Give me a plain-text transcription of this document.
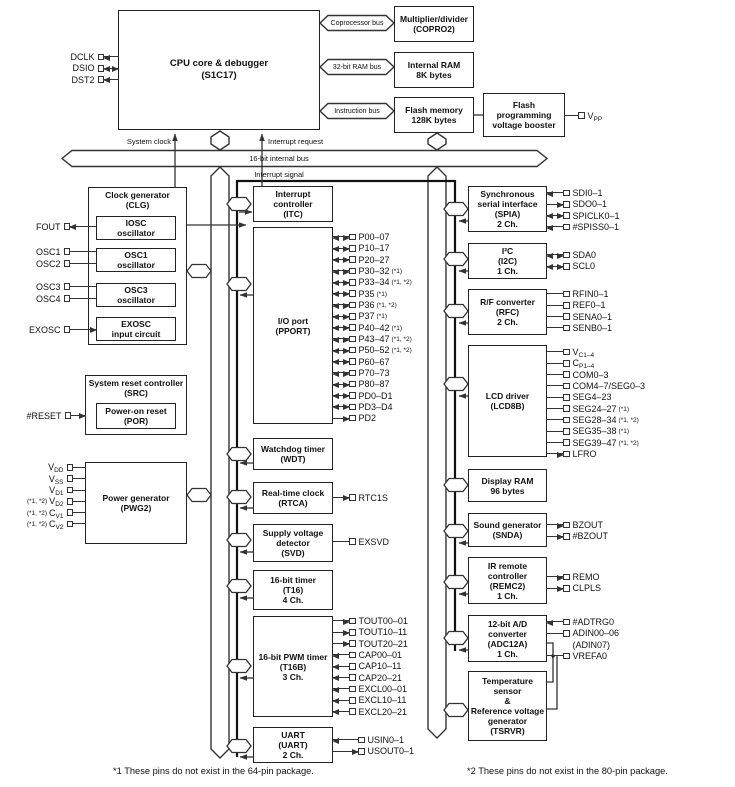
System clock	Interrupt request
16-bit internal bus
Interrupt signal
Coprocessor bus
32-bit RAM bus
Instruction bus
CPU core & debugger
(S1C17)
Multiplier/divider
(COPRO2)
Internal RAM
8K bytes
Flash memory
128K bytes
Flash
programming
voltage booster
Clock generator
(CLG)
IOSC
oscillator
OSC1
oscillator
OSC3
oscillator
EXOSC
input circuit
System reset controller
(SRC)
Power-on reset
(POR)
Power generator
(PWG2)
Interrupt
controller
(ITC)
I/O port
(PPORT)
Watchdog timer
(WDT)
Real-time clock
(RTCA)
Supply voltage
detector
(SVD)
16-bit timer
(T16)
4 Ch.
16-bit PWM timer
(T16B)
3 Ch.
UART
(UART)
2 Ch.
Synchronous
serial interface
(SPIA)
2 Ch.
I²C
(I2C)
1 Ch.
R/F converter
(RFC)
2 Ch.
LCD driver
(LCD8B)
Display RAM
96 bytes
Sound generator
(SNDA)
IR remote
controller
(REMC2)
1 Ch.
12-bit A/D
converter
(ADC12A)
1 Ch.
Temperature
sensor
&
Reference voltage
generator
(TSRVR)
DCLK
DSIO
DST2
$V_{PP}$
FOUT
OSC1
OSC2
OSC3
OSC4
EXOSC
#RESET
$V_{DD}$
$V_{SS}$
$V_{D1}$
(*1, *2) $V_{D2}$
(*1, *2) $C_{V1}$
(*1, *2) $C_{V2}$
P00–07
P10–17
P20–27
P30–32 (*1)
P33–34 (*1, *2)
P35 (*1)
P36 (*1, *2)
P37 (*1)
P40–42 (*1)
P43–47 (*1, *2)
P50–52 (*1, *2)
P60–67
P70–73
P80–87
PD0–D1
PD3–D4
PD2
RTC1S
EXSVD
TOUT00–01
TOUT10–11
TOUT20–21
CAP00–01
CAP10–11
CAP20–21
EXCL00–01
EXCL10–11
EXCL20–21
USIN0–1
USOUT0–1
SDI0–1
SDO0–1
SPICLK0–1
#SPISS0–1
SDA0
SCL0
RFIN0–1
REF0–1
SENA0–1
SENB0–1
$V_{C1-4}$
$C_{P1-4}$
COM0–3
COM4–7/SEG0–3
SEG4–23
SEG24–27 (*1)
SEG28–34 (*1, *2)
SEG35–38 (*1)
SEG39–47 (*1, *2)
LFRO
BZOUT
#BZOUT
REMO
CLPLS
#ADTRG0
ADIN00–06
(ADIN07)
VREFA0
*1 These pins do not exist in the 64-pin package.	*2 These pins do not exist in the 80-pin package.
